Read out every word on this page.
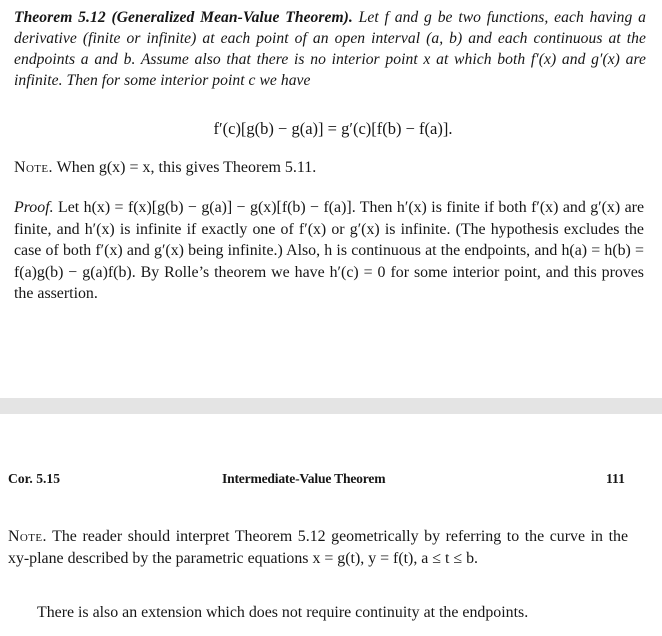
Theorem 5.12 (Generalized Mean-Value Theorem). Let f and g be two functions, each having a derivative (finite or infinite) at each point of an open interval (a, b) and each continuous at the endpoints a and b. Assume also that there is no interior point x at which both f′(x) and g′(x) are infinite. Then for some interior point c we have

f′(c)[g(b) − g(a)] = g′(c)[f(b) − f(a)].

Note. When g(x) = x, this gives Theorem 5.11.

Proof. Let h(x) = f(x)[g(b) − g(a)] − g(x)[f(b) − f(a)]. Then h′(x) is finite if both f′(x) and g′(x) are finite, and h′(x) is infinite if exactly one of f′(x) or g′(x) is infinite. (The hypothesis excludes the case of both f′(x) and g′(x) being infinite.) Also, h is continuous at the endpoints, and h(a) = h(b) = f(a)g(b) − g(a)f(b). By Rolle’s theorem we have h′(c) = 0 for some interior point, and this proves the assertion.

Cor. 5.15	Intermediate-Value Theorem	111

Note. The reader should interpret Theorem 5.12 geometrically by referring to the curve in the xy-plane described by the parametric equations x = g(t), y = f(t), a ≤ t ≤ b.

There is also an extension which does not require continuity at the endpoints.
